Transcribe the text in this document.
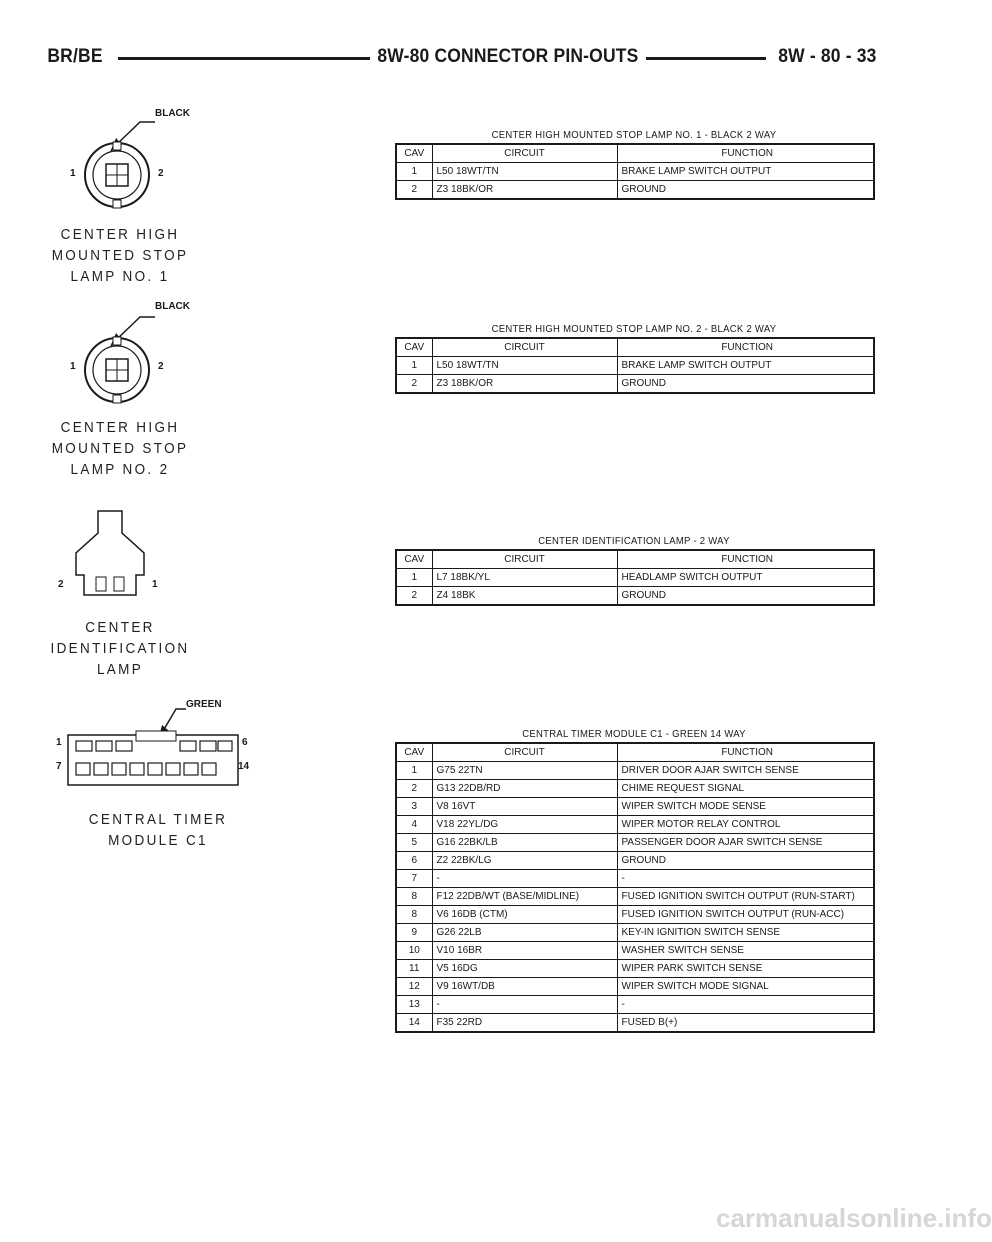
BR/BE	8W-80 CONNECTOR PIN-OUTS	8W - 80 - 33
BLACK
1	2
CENTER HIGH
MOUNTED STOP
LAMP NO. 1
BLACK
1	2
CENTER HIGH
MOUNTED STOP
LAMP NO. 2
2	1
CENTER
IDENTIFICATION
LAMP
GREEN
1	6
7	14
CENTRAL TIMER
MODULE C1
CENTER HIGH MOUNTED STOP LAMP NO. 1 - BLACK 2 WAY
CAV	CIRCUIT	FUNCTION
1	L50 18WT/TN	BRAKE LAMP SWITCH OUTPUT
2	Z3 18BK/OR	GROUND
CENTER HIGH MOUNTED STOP LAMP NO. 2 - BLACK 2 WAY
CAV	CIRCUIT	FUNCTION
1	L50 18WT/TN	BRAKE LAMP SWITCH OUTPUT
2	Z3 18BK/OR	GROUND
CENTER IDENTIFICATION LAMP - 2 WAY
CAV	CIRCUIT	FUNCTION
1	L7 18BK/YL	HEADLAMP SWITCH OUTPUT
2	Z4 18BK	GROUND
CENTRAL TIMER MODULE C1 - GREEN 14 WAY
CAV	CIRCUIT	FUNCTION
1	G75 22TN	DRIVER DOOR AJAR SWITCH SENSE
2	G13 22DB/RD	CHIME REQUEST SIGNAL
3	V8 16VT	WIPER SWITCH MODE SENSE
4	V18 22YL/DG	WIPER MOTOR RELAY CONTROL
5	G16 22BK/LB	PASSENGER DOOR AJAR SWITCH SENSE
6	Z2 22BK/LG	GROUND
7	-	-
8	F12 22DB/WT (BASE/MIDLINE)	FUSED IGNITION SWITCH OUTPUT (RUN-START)
8	V6 16DB (CTM)	FUSED IGNITION SWITCH OUTPUT (RUN-ACC)
9	G26 22LB	KEY-IN IGNITION SWITCH SENSE
10	V10 16BR	WASHER SWITCH SENSE
11	V5 16DG	WIPER PARK SWITCH SENSE
12	V9 16WT/DB	WIPER SWITCH MODE SIGNAL
13	-	-
14	F35 22RD	FUSED B(+)
carmanualsonline.info
